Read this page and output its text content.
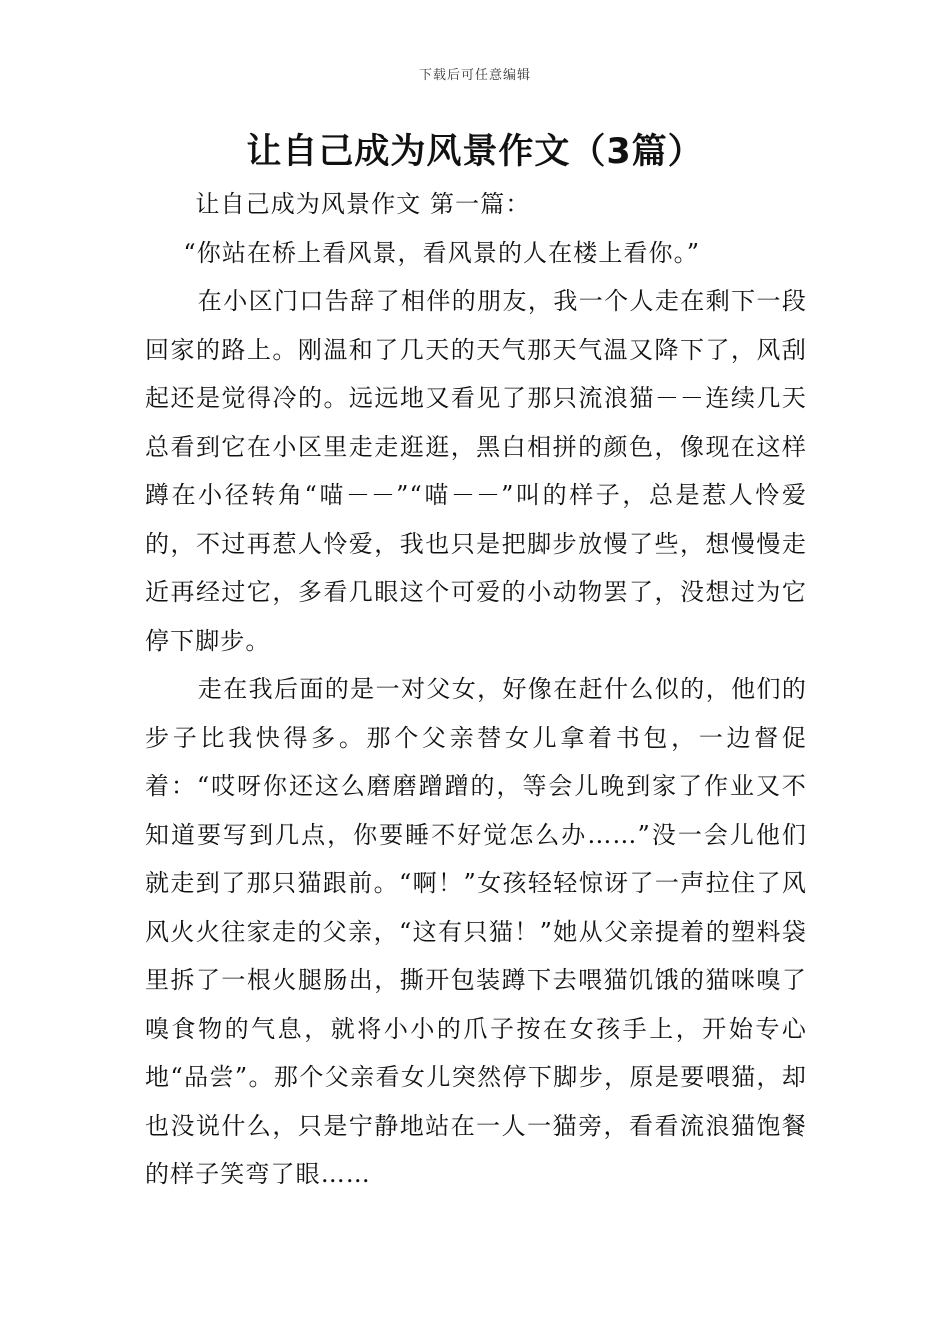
下载后可任意编辑
让自己成为风景作文（3篇）

让自己成为风景作文 第一篇：

“你站在桥上看风景，看风景的人在楼上看你。”

在小区门口告辞了相伴的朋友，我一个人走在剩下一段回家的路上。刚温和了几天的天气那天气温又降下了，风刮起还是觉得冷的。远远地又看见了那只流浪猫－－连续几天总看到它在小区里走走逛逛，黑白相拼的颜色，像现在这样蹲在小径转角“喵－－”“喵－－”叫的样子，总是惹人怜爱的，不过再惹人怜爱，我也只是把脚步放慢了些，想慢慢走近再经过它，多看几眼这个可爱的小动物罢了，没想过为它停下脚步。

走在我后面的是一对父女，好像在赶什么似的，他们的步子比我快得多。那个父亲替女儿拿着书包，一边督促着：“哎呀你还这么磨磨蹭蹭的，等会儿晚到家了作业又不知道要写到几点，你要睡不好觉怎么办……”没一会儿他们就走到了那只猫跟前。“啊！”女孩轻轻惊讶了一声拉住了风风火火往家走的父亲，“这有只猫！”她从父亲提着的塑料袋里拆了一根火腿肠出，撕开包装蹲下去喂猫饥饿的猫咪嗅了嗅食物的气息，就将小小的爪子按在女孩手上，开始专心地“品尝”。那个父亲看女儿突然停下脚步，原是要喂猫，却也没说什么，只是宁静地站在一人一猫旁，看看流浪猫饱餐的样子笑弯了眼……
